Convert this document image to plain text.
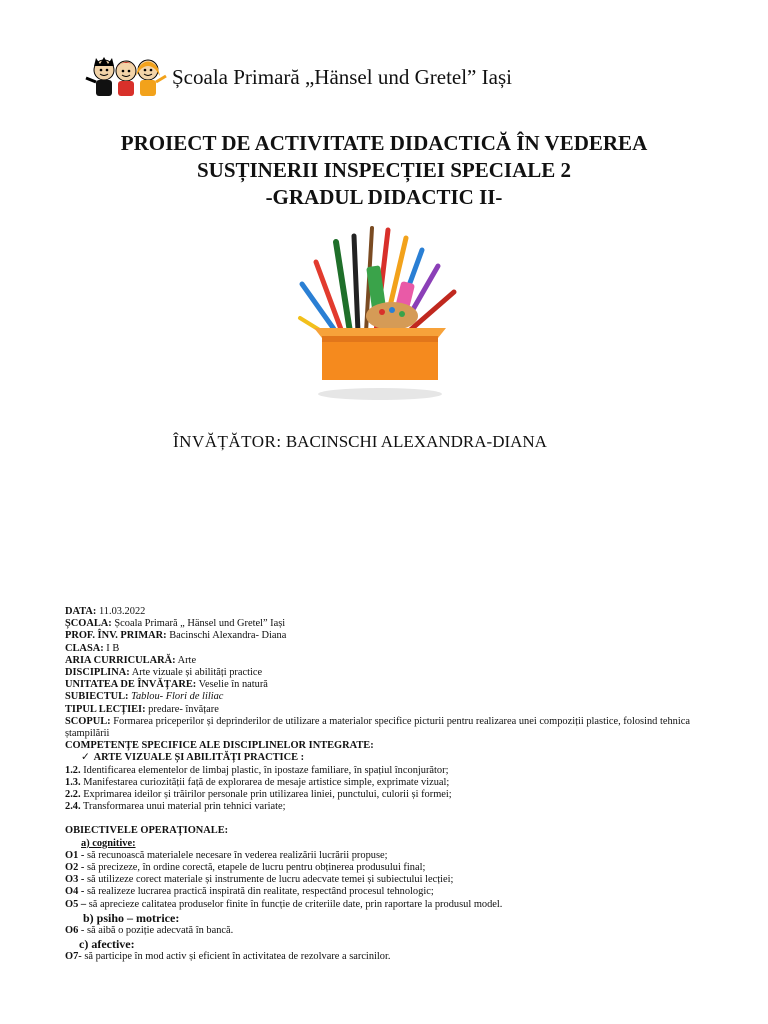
Școala Primară „Hänsel und Gretel” Iași
PROIECT DE ACTIVITATE DIDACTICĂ ÎN VEDEREA
SUSȚINERII INSPECȚIEI SPECIALE 2
-GRADUL DIDACTIC II-
ÎNVĂȚĂTOR: BACINSCHI ALEXANDRA-DIANA
DATA: 11.03.2022
ȘCOALA: Școala Primară „ Hänsel und Gretel” Iași
PROF. ÎNV. PRIMAR: Bacinschi Alexandra- Diana
CLASA: I B
ARIA CURRICULARĂ: Arte
DISCIPLINA: Arte vizuale și abilități practice
UNITATEA DE ÎNVĂȚARE: Veselie în natură
SUBIECTUL: Tablou- Flori de liliac
TIPUL LECȚIEI: predare- învățare
SCOPUL: Formarea priceperilor și deprinderilor de utilizare a materialor specifice picturii pentru realizarea unei compoziții plastice, folosind tehnica ștampilării
COMPETENȚE SPECIFICE ALE DISCIPLINELOR INTEGRATE:
✓ ARTE VIZUALE ȘI ABILITĂȚI PRACTICE :
1.2. Identificarea elementelor de limbaj plastic, în ipostaze familiare, în spațiul înconjurător;
1.3. Manifestarea curiozității față de explorarea de mesaje artistice simple, exprimate vizual;
2.2. Exprimarea ideilor și trăirilor personale prin utilizarea liniei, punctului, culorii și formei;
2.4. Transformarea unui material prin tehnici variate;
OBIECTIVELE OPERAȚIONALE:
a) cognitive:
O1 - să recunoască materialele necesare în vederea realizării lucrării propuse;
O2 - să precizeze, în ordine corectă, etapele de lucru pentru obținerea produsului final;
O3 - să utilizeze corect materiale și instrumente de lucru adecvate temei și subiectului lecției;
O4 - să realizeze lucrarea practică inspirată din realitate, respectând procesul tehnologic;
O5 – să aprecieze calitatea produselor finite în funcție de criteriile date, prin raportare la produsul model.
b) psiho – motrice:
O6 - să aibă o poziție adecvată în bancă.
c) afective:
O7- să participe în mod activ și eficient în activitatea de rezolvare a sarcinilor.
